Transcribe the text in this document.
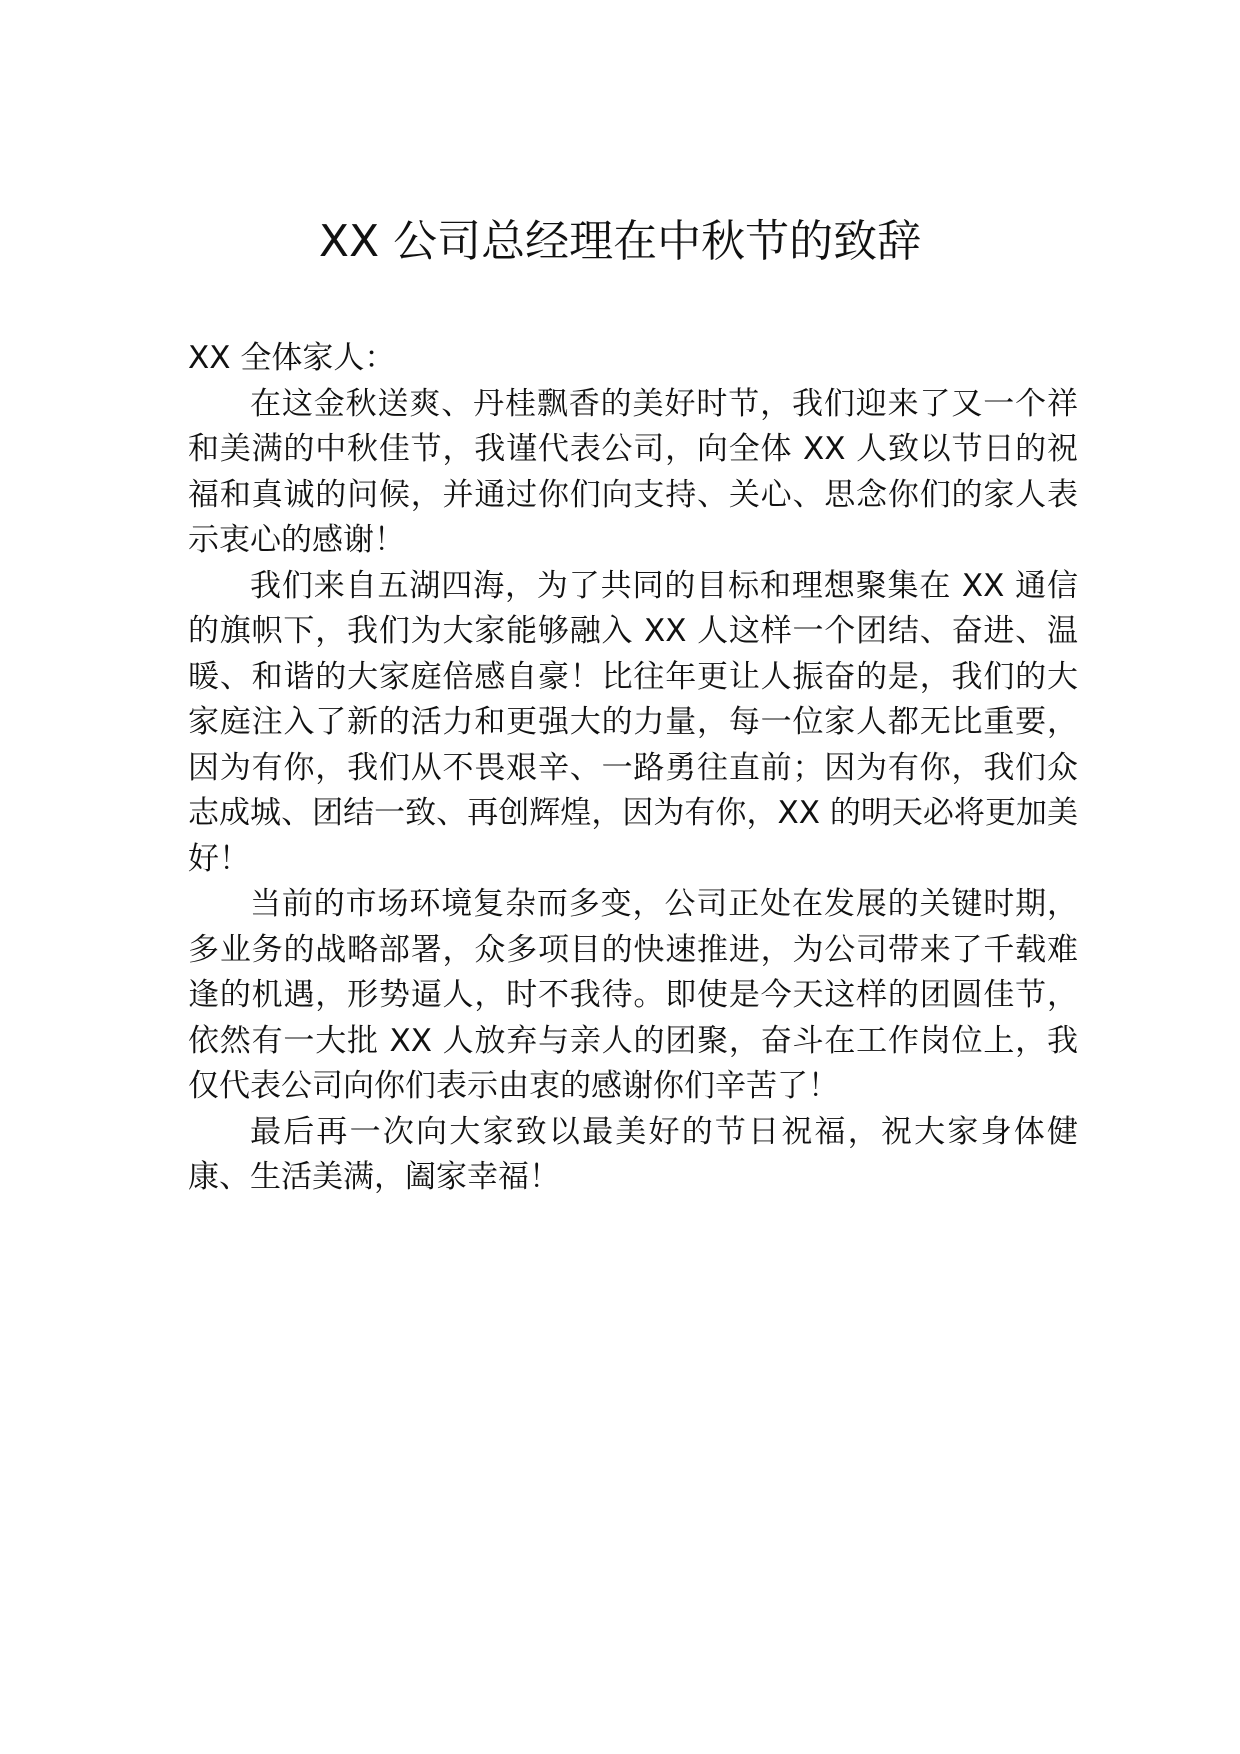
XX 公司总经理在中秋节的致辞

XX 全体家人：

在这金秋送爽、丹桂飘香的美好时节，我们迎来了又一个祥和美满的中秋佳节，我谨代表公司，向全体 XX 人致以节日的祝福和真诚的问候，并通过你们向支持、关心、思念你们的家人表示衷心的感谢！

我们来自五湖四海，为了共同的目标和理想聚集在 XX 通信的旗帜下，我们为大家能够融入 XX 人这样一个团结、奋进、温暖、和谐的大家庭倍感自豪！比往年更让人振奋的是，我们的大家庭注入了新的活力和更强大的力量，每一位家人都无比重要，因为有你，我们从不畏艰辛、一路勇往直前；因为有你，我们众志成城、团结一致、再创辉煌，因为有你，XX 的明天必将更加美好！

当前的市场环境复杂而多变，公司正处在发展的关键时期，多业务的战略部署，众多项目的快速推进，为公司带来了千载难逢的机遇，形势逼人，时不我待。即使是今天这样的团圆佳节，依然有一大批 XX 人放弃与亲人的团聚，奋斗在工作岗位上，我仅代表公司向你们表示由衷的感谢你们辛苦了！

最后再一次向大家致以最美好的节日祝福，祝大家身体健康、生活美满，阖家幸福！
